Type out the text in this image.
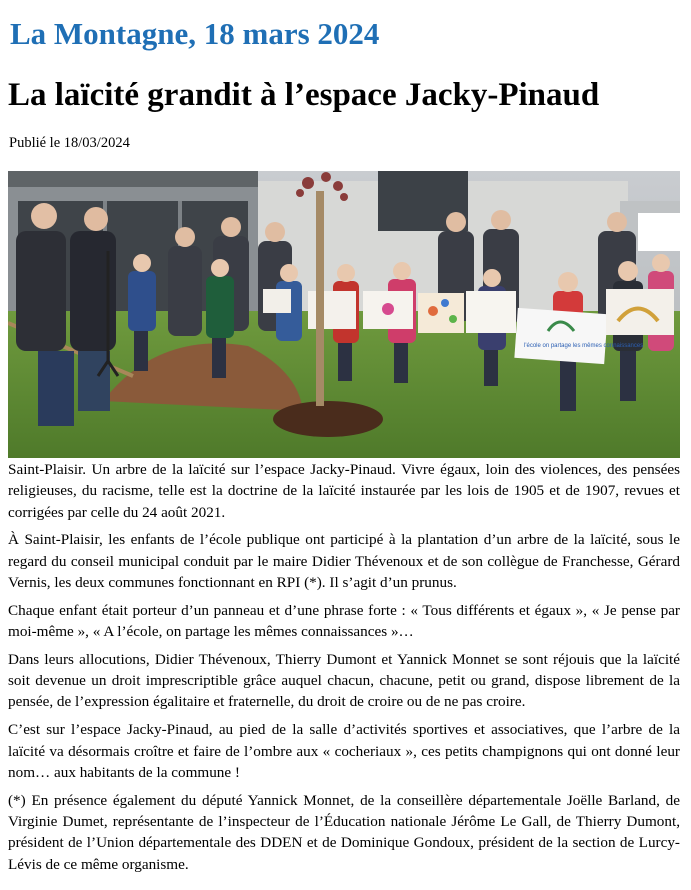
La Montagne, 18 mars 2024
La laïcité grandit à l’espace Jacky-Pinaud
Publié le 18/03/2024
l'école on partage les mêmes connaissances

Saint-Plaisir. Un arbre de la laïcité sur l’espace Jacky-Pinaud. Vivre égaux, loin des violences, des pensées religieuses, du racisme, telle est la doctrine de la laïcité instaurée par les lois de 1905 et de 1907, revues et corrigées par celle du 24 août 2021.

À Saint-Plaisir, les enfants de l’école publique ont participé à la plantation d’un arbre de la laïcité, sous le regard du conseil municipal conduit par le maire Didier Thévenoux et de son collègue de Franchesse, Gérard Vernis, les deux communes fonctionnant en RPI (*). Il s’agit d’un prunus.

Chaque enfant était porteur d’un panneau et d’une phrase forte : « Tous différents et égaux », « Je pense par moi-même », « A l’école, on partage les mêmes connaissances »…

Dans leurs allocutions, Didier Thévenoux, Thierry Dumont et Yannick Monnet se sont réjouis que la laïcité soit devenue un droit imprescriptible grâce auquel chacun, chacune, petit ou grand, dispose librement de la pensée, de l’expression égalitaire et fraternelle, du droit de croire ou de ne pas croire.

C’est sur l’espace Jacky-Pinaud, au pied de la salle d’activités sportives et associatives, que l’arbre de la laïcité va désormais croître et faire de l’ombre aux « cocheriaux », ces petits champignons qui ont donné leur nom… aux habitants de la commune !

(*) En présence également du député Yannick Monnet, de la conseillère départementale Joëlle Barland, de Virginie Dumet, représentante de l’inspecteur de l’Éducation nationale Jérôme Le Gall, de Thierry Dumont, président de l’Union départementale des DDEN et de Dominique Gondoux, président de la section de Lurcy-Lévis de ce même organisme.
